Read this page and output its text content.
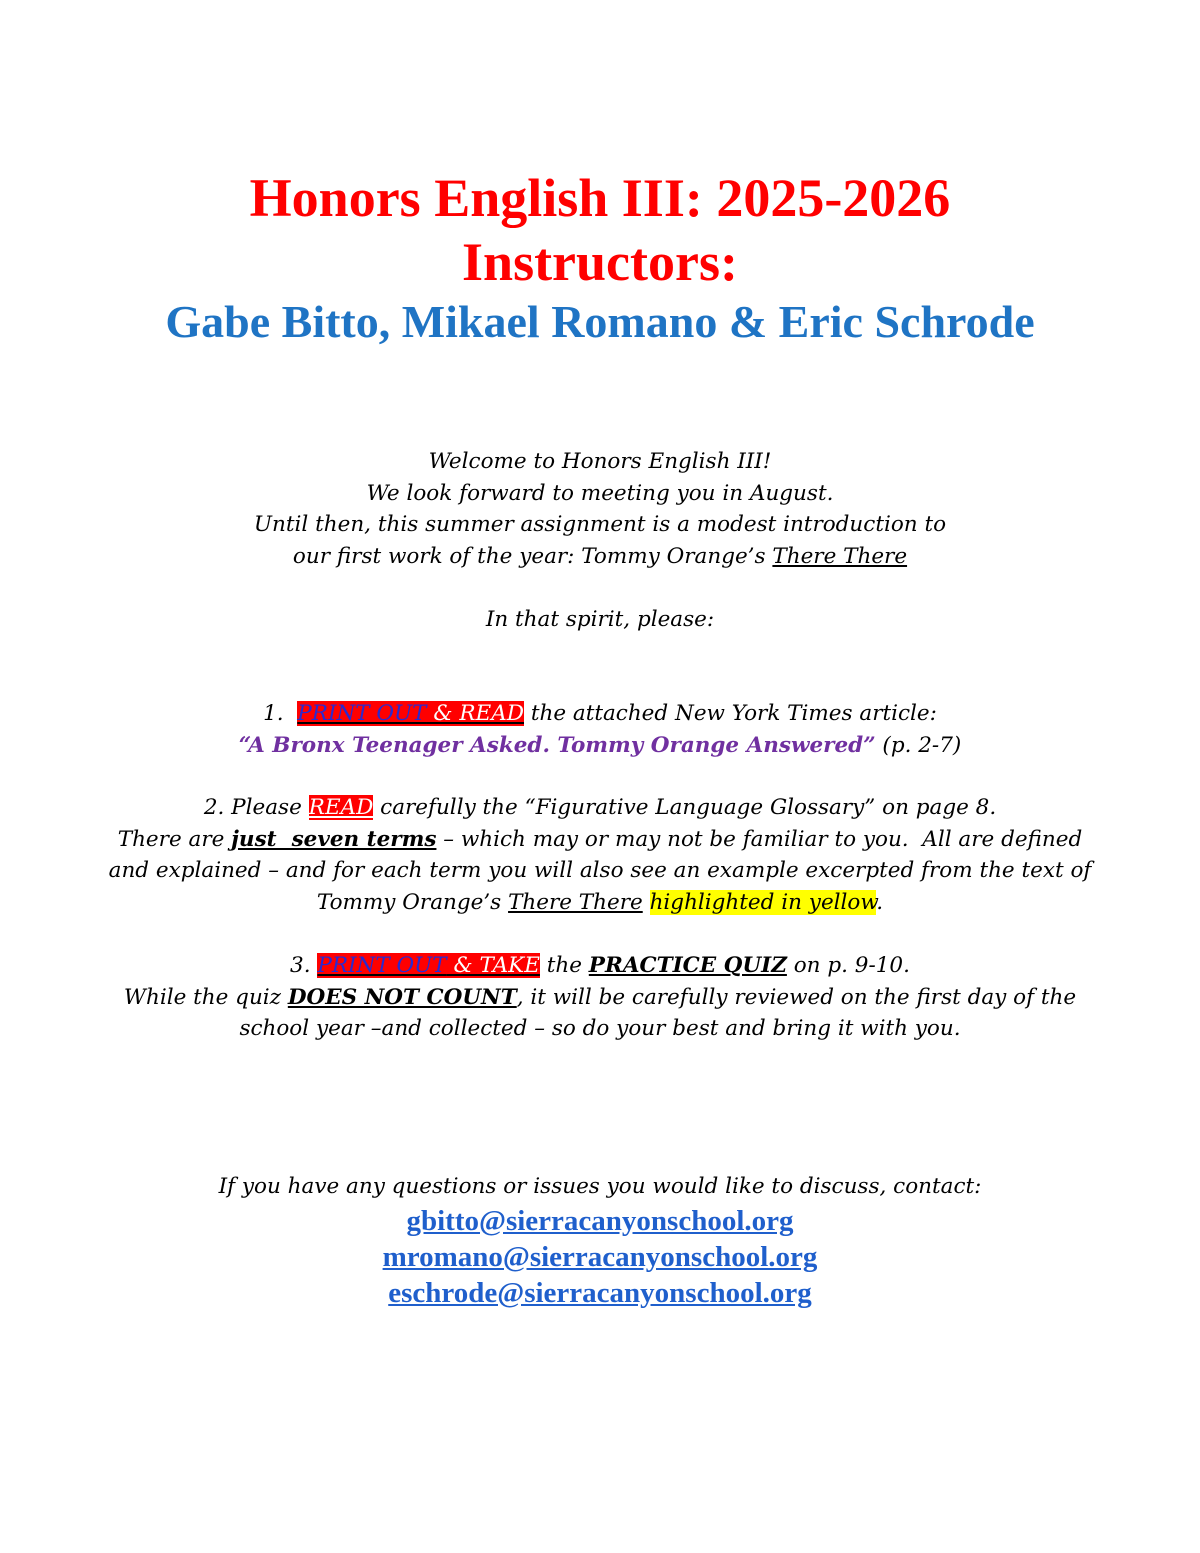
Honors English III: 2025-2026
Instructors:
Gabe Bitto, Mikael Romano & Eric Schrode
Welcome to Honors English III!
We look forward to meeting you in August.
Until then, this summer assignment is a modest introduction to
our first work of the year: Tommy Orange’s There There
In that spirit, please:
1. PRINT OUT & READ the attached New York Times article:
“A Bronx Teenager Asked. Tommy Orange Answered” (p. 2-7)
2. Please READ carefully the “Figurative Language Glossary” on page 8.
There are just  seven terms – which may or may not be familiar to you.  All are defined
and explained – and for each term you will also see an example excerpted from the text of
Tommy Orange’s There There highlighted in yellow.
3. PRINT OUT & TAKE the PRACTICE QUIZ on p. 9-10.
While the quiz DOES NOT COUNT, it will be carefully reviewed on the first day of the
school year –and collected – so do your best and bring it with you.
If you have any questions or issues you would like to discuss, contact:
gbitto@sierracanyonschool.org
mromano@sierracanyonschool.org
eschrode@sierracanyonschool.org
